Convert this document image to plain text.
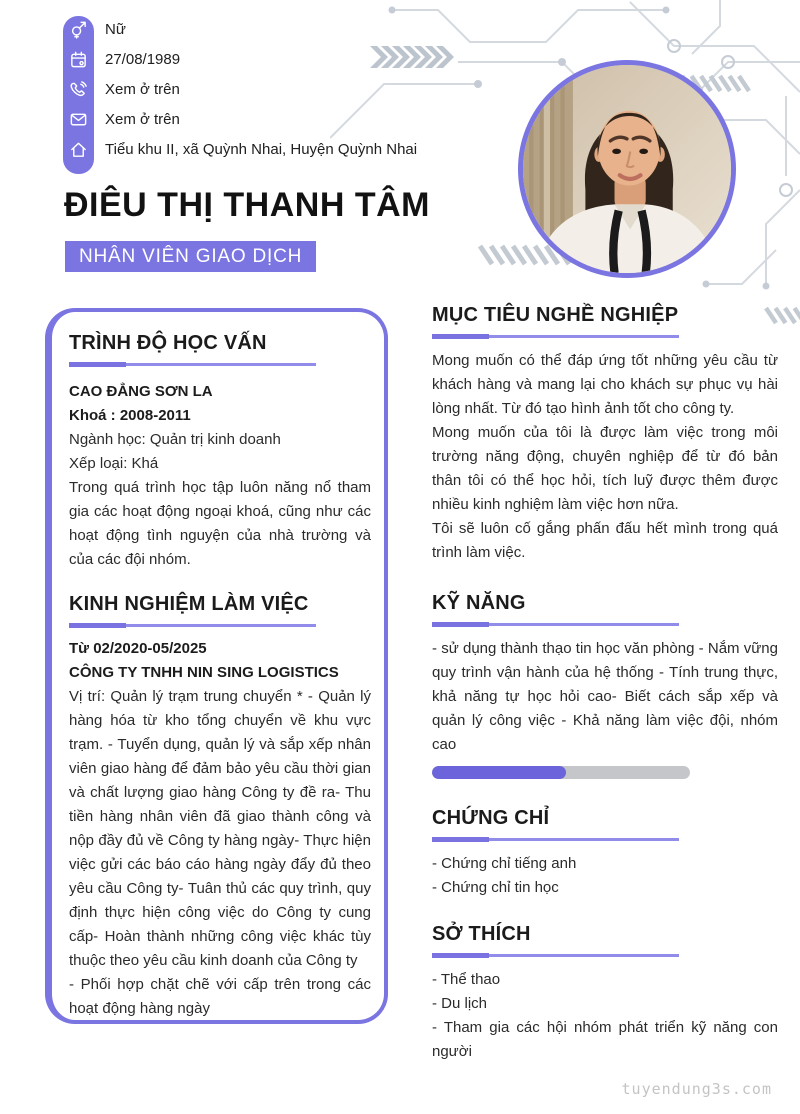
Nữ
27/08/1989
Xem ở trên
Xem ở trên
Tiểu khu II, xã Quỳnh Nhai, Huyện Quỳnh Nhai
ĐIÊU THỊ THANH TÂM
NHÂN VIÊN GIAO DỊCH
TRÌNH ĐỘ HỌC VẤN

CAO ĐẲNG SƠN LA

Khoá : 2008-2011

Ngành học: Quản trị kinh doanh

Xếp loại: Khá

Trong quá trình học tập luôn năng nổ tham gia các hoạt động ngoại khoá, cũng như các hoạt động tình nguyện của nhà trường và của các đội nhóm.

KINH NGHIỆM LÀM VIỆC

Từ 02/2020-05/2025

CÔNG TY TNHH NIN SING LOGISTICS

Vị trí: Quản lý trạm trung chuyển * - Quản lý hàng hóa từ kho tổng chuyển về khu vực trạm. - Tuyển dụng, quản lý và sắp xếp nhân viên giao hàng để đảm bảo yêu cầu thời gian và chất lượng giao hàng Công ty đề ra- Thu tiền hàng nhân viên đã giao thành công và nộp đầy đủ về Công ty hàng ngày- Thực hiện việc gửi các báo cáo hàng ngày đẩy đủ theo yêu cầu Công ty- Tuân thủ các quy trình, quy định thực hiện công việc do Công ty cung cấp- Hoàn thành những công việc khác tùy thuộc theo yêu cầu kinh doanh của Công ty

- Phối hợp chặt chẽ với cấp trên trong các hoạt động hàng ngày

MỤC TIÊU NGHỀ NGHIỆP

Mong muốn có thể đáp ứng tốt những yêu cầu từ khách hàng và mang lại cho khách sự phục vụ hài lòng nhất. Từ đó tạo hình ảnh tốt cho công ty.

Mong muốn của tôi là được làm việc trong môi trường năng động, chuyên nghiệp để từ đó bản thân tôi có thể học hỏi, tích luỹ được thêm được nhiều kinh nghiệm làm việc hơn nữa.

Tôi sẽ luôn cố gắng phấn đấu hết mình trong quá trình làm việc.

KỸ NĂNG

- sử dụng thành thạo tin học văn phòng - Nắm vững quy trình vận hành của hệ thống - Tính trung thực, khả năng tự học hỏi cao- Biết cách sắp xếp và quản lý công việc - Khả năng làm việc đội, nhóm cao

CHỨNG CHỈ

- Chứng chỉ tiếng anh

- Chứng chỉ tin học

SỞ THÍCH

- Thể thao

- Du lịch

- Tham gia các hội nhóm phát triển kỹ năng con người

tuyendung3s.com
